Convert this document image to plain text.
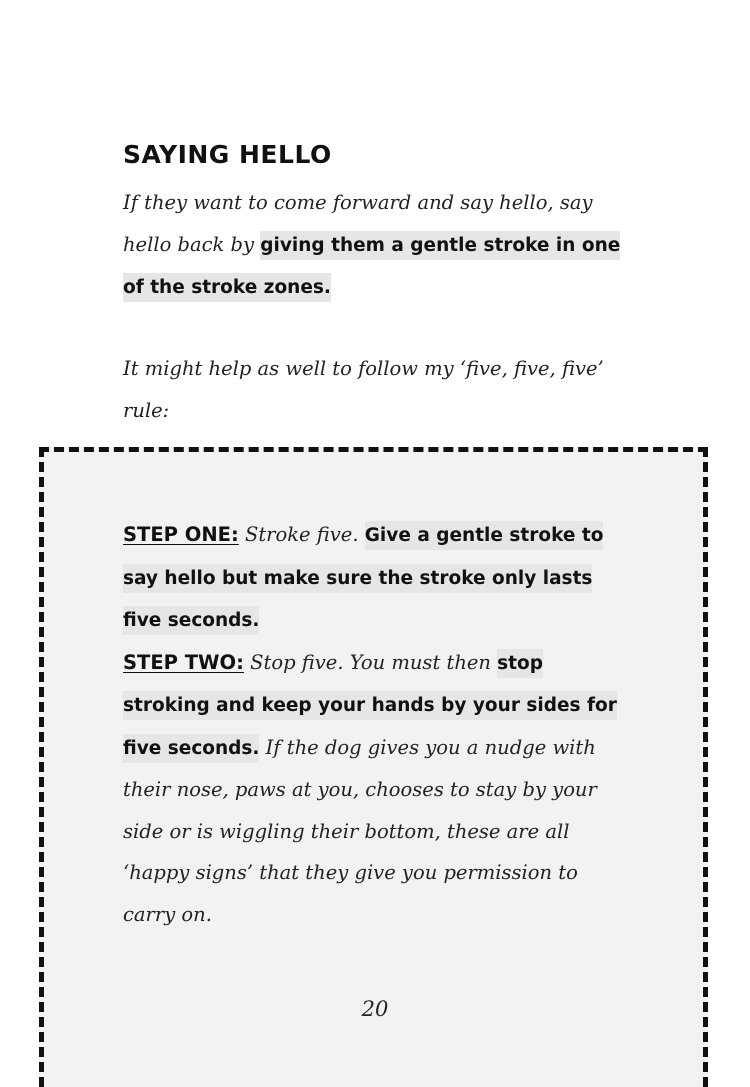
SAYING HELLO

If they want to come forward and say hello, say hello back by giving them a gentle stroke in one of the stroke zones.

It might help as well to follow my ‘five, five, five’ rule:

STEP ONE: Stroke five. Give a gentle stroke to say hello but make sure the stroke only lasts five seconds.
STEP TWO: Stop five. You must then stop stroking and keep your hands by your sides for five seconds. If the dog gives you a nudge with their nose, paws at you, chooses to stay by your side or is wiggling their bottom, these are all ‘happy signs’ that they give you permission to carry on.
20
